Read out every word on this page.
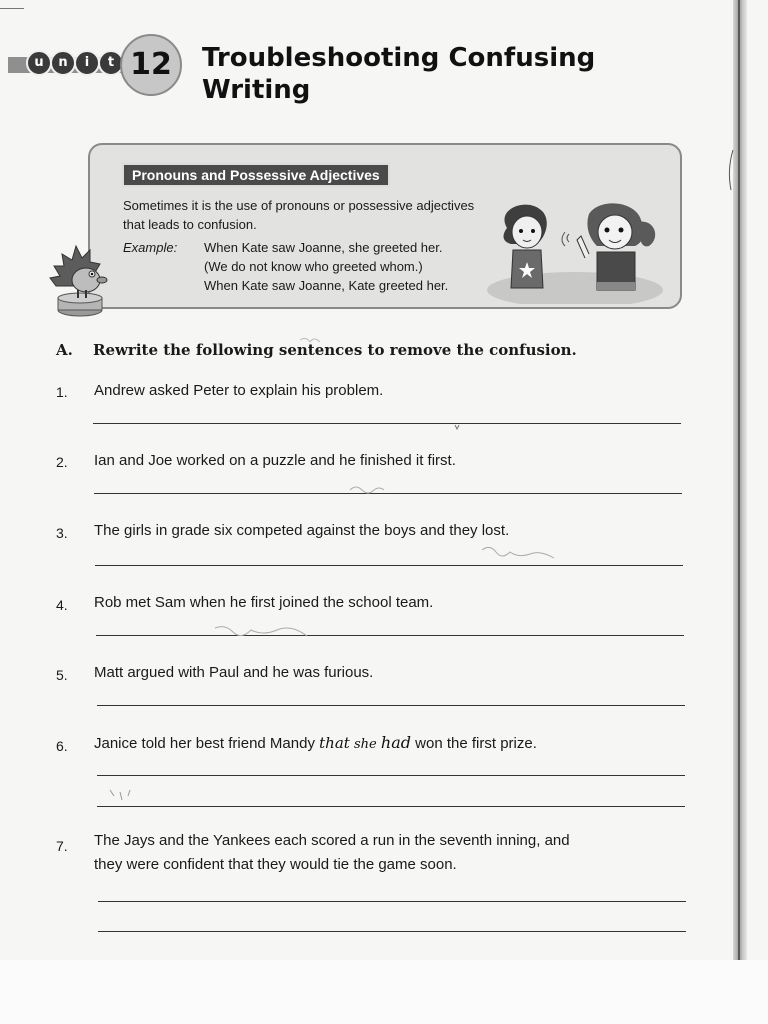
u	n	i	t 12	Troubleshooting Confusing Writing
Pronouns and Possessive Adjectives
Sometimes it is the use of pronouns or possessive adjectives that leads to confusion.
Example: When Kate saw Joanne, she greeted her.
(We do not know who greeted whom.)
When Kate saw Joanne, Kate greeted her.
A. Rewrite the following sentences to remove the confusion.
1. Andrew asked Peter to explain his problem.
2. Ian and Joe worked on a puzzle and he finished it first.
3. The girls in grade six competed against the boys and they lost.
4. Rob met Sam when he first joined the school team.
5. Matt argued with Paul and he was furious.
6. Janice told her best friend Mandy that she had won the first prize.
7. The Jays and the Yankees each scored a run in the seventh inning, and
they were confident that they would tie the game soon.
